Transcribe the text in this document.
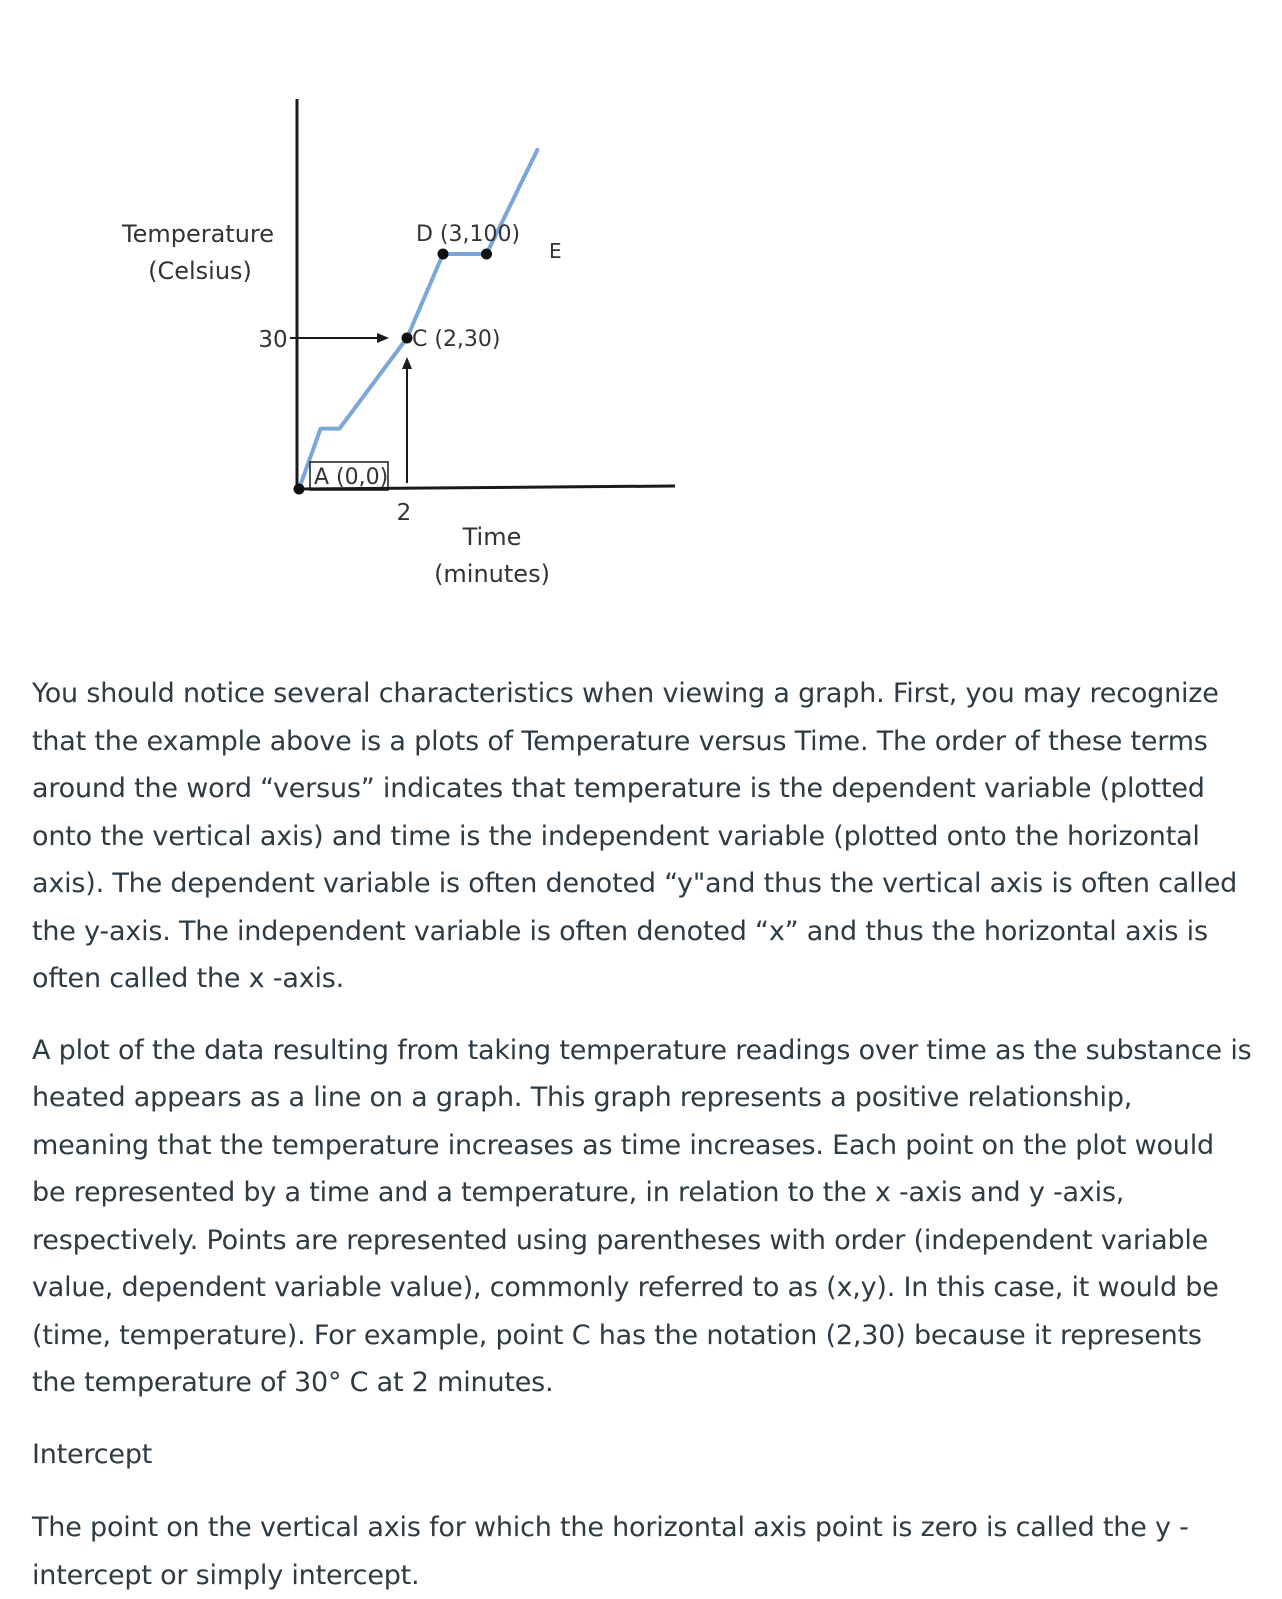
Temperature
(Celsius)
30
2
A (0,0)
C (2,30)
D (3,100)
E
Time
(minutes)

You should notice several characteristics when viewing a graph. First, you may recognize that the example above is a plots of Temperature versus Time. The order of these terms around the word “versus” indicates that temperature is the dependent variable (plotted onto the vertical axis) and time is the independent variable (plotted onto the horizontal axis). The dependent variable is often denoted “y"and thus the vertical axis is often called the y-axis. The independent variable is often denoted “x” and thus the horizontal axis is often called the x -axis.

A plot of the data resulting from taking temperature readings over time as the substance is heated appears as a line on a graph. This graph represents a positive relationship, meaning that the temperature increases as time increases. Each point on the plot would be represented by a time and a temperature, in relation to the x -axis and y -axis, respectively. Points are represented using parentheses with order (independent variable value, dependent variable value), commonly referred to as (x,y). In this case, it would be (time, temperature). For example, point C has the notation (2,30) because it represents the temperature of 30° C at 2 minutes.

Intercept

The point on the vertical axis for which the horizontal axis point is zero is called the y - intercept or simply intercept.
